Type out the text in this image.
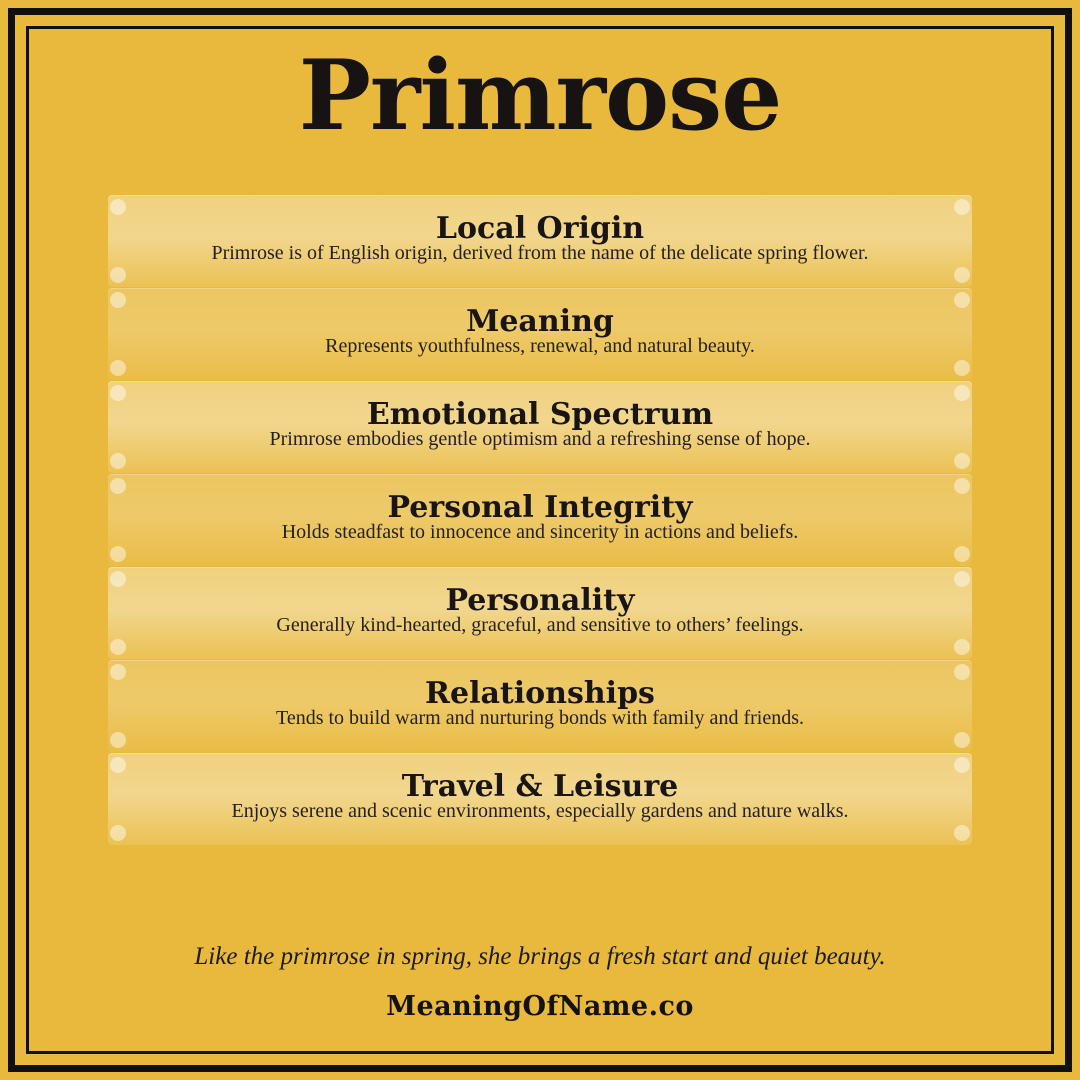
Primrose
Local Origin
Primrose is of English origin, derived from the name of the delicate spring flower.
Meaning
Represents youthfulness, renewal, and natural beauty.
Emotional Spectrum
Primrose embodies gentle optimism and a refreshing sense of hope.
Personal Integrity
Holds steadfast to innocence and sincerity in actions and beliefs.
Personality
Generally kind-hearted, graceful, and sensitive to others’ feelings.
Relationships
Tends to build warm and nurturing bonds with family and friends.
Travel & Leisure
Enjoys serene and scenic environments, especially gardens and nature walks.
Like the primrose in spring, she brings a fresh start and quiet beauty.
MeaningOfName.co
